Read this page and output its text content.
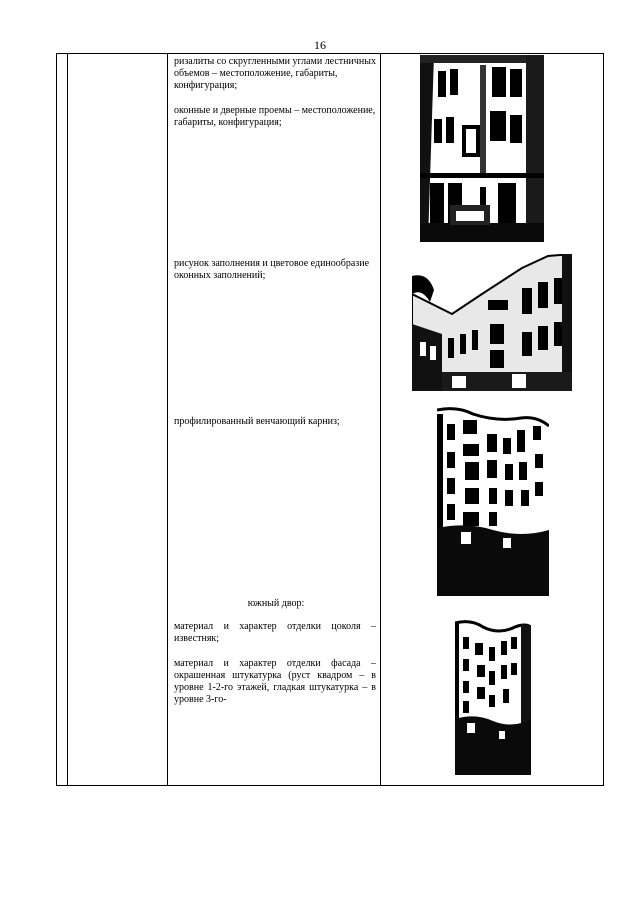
16

ризалиты со скругленными углами лестничных объемов – местоположение, габариты, конфигурация;

оконные и дверные проемы – местоположение, габариты, конфигурация;

рисунок заполнения и цветовое единообразие оконных заполнений;

профилированный венчающий карниз;

южный двор:

материал и характер отделки цоколя – известняк;

материал и характер отделки фасада – окрашенная штукатурка (руст квадром – в уровне 1-2-го этажей, гладкая штукатурка – в уровне 3-го-
